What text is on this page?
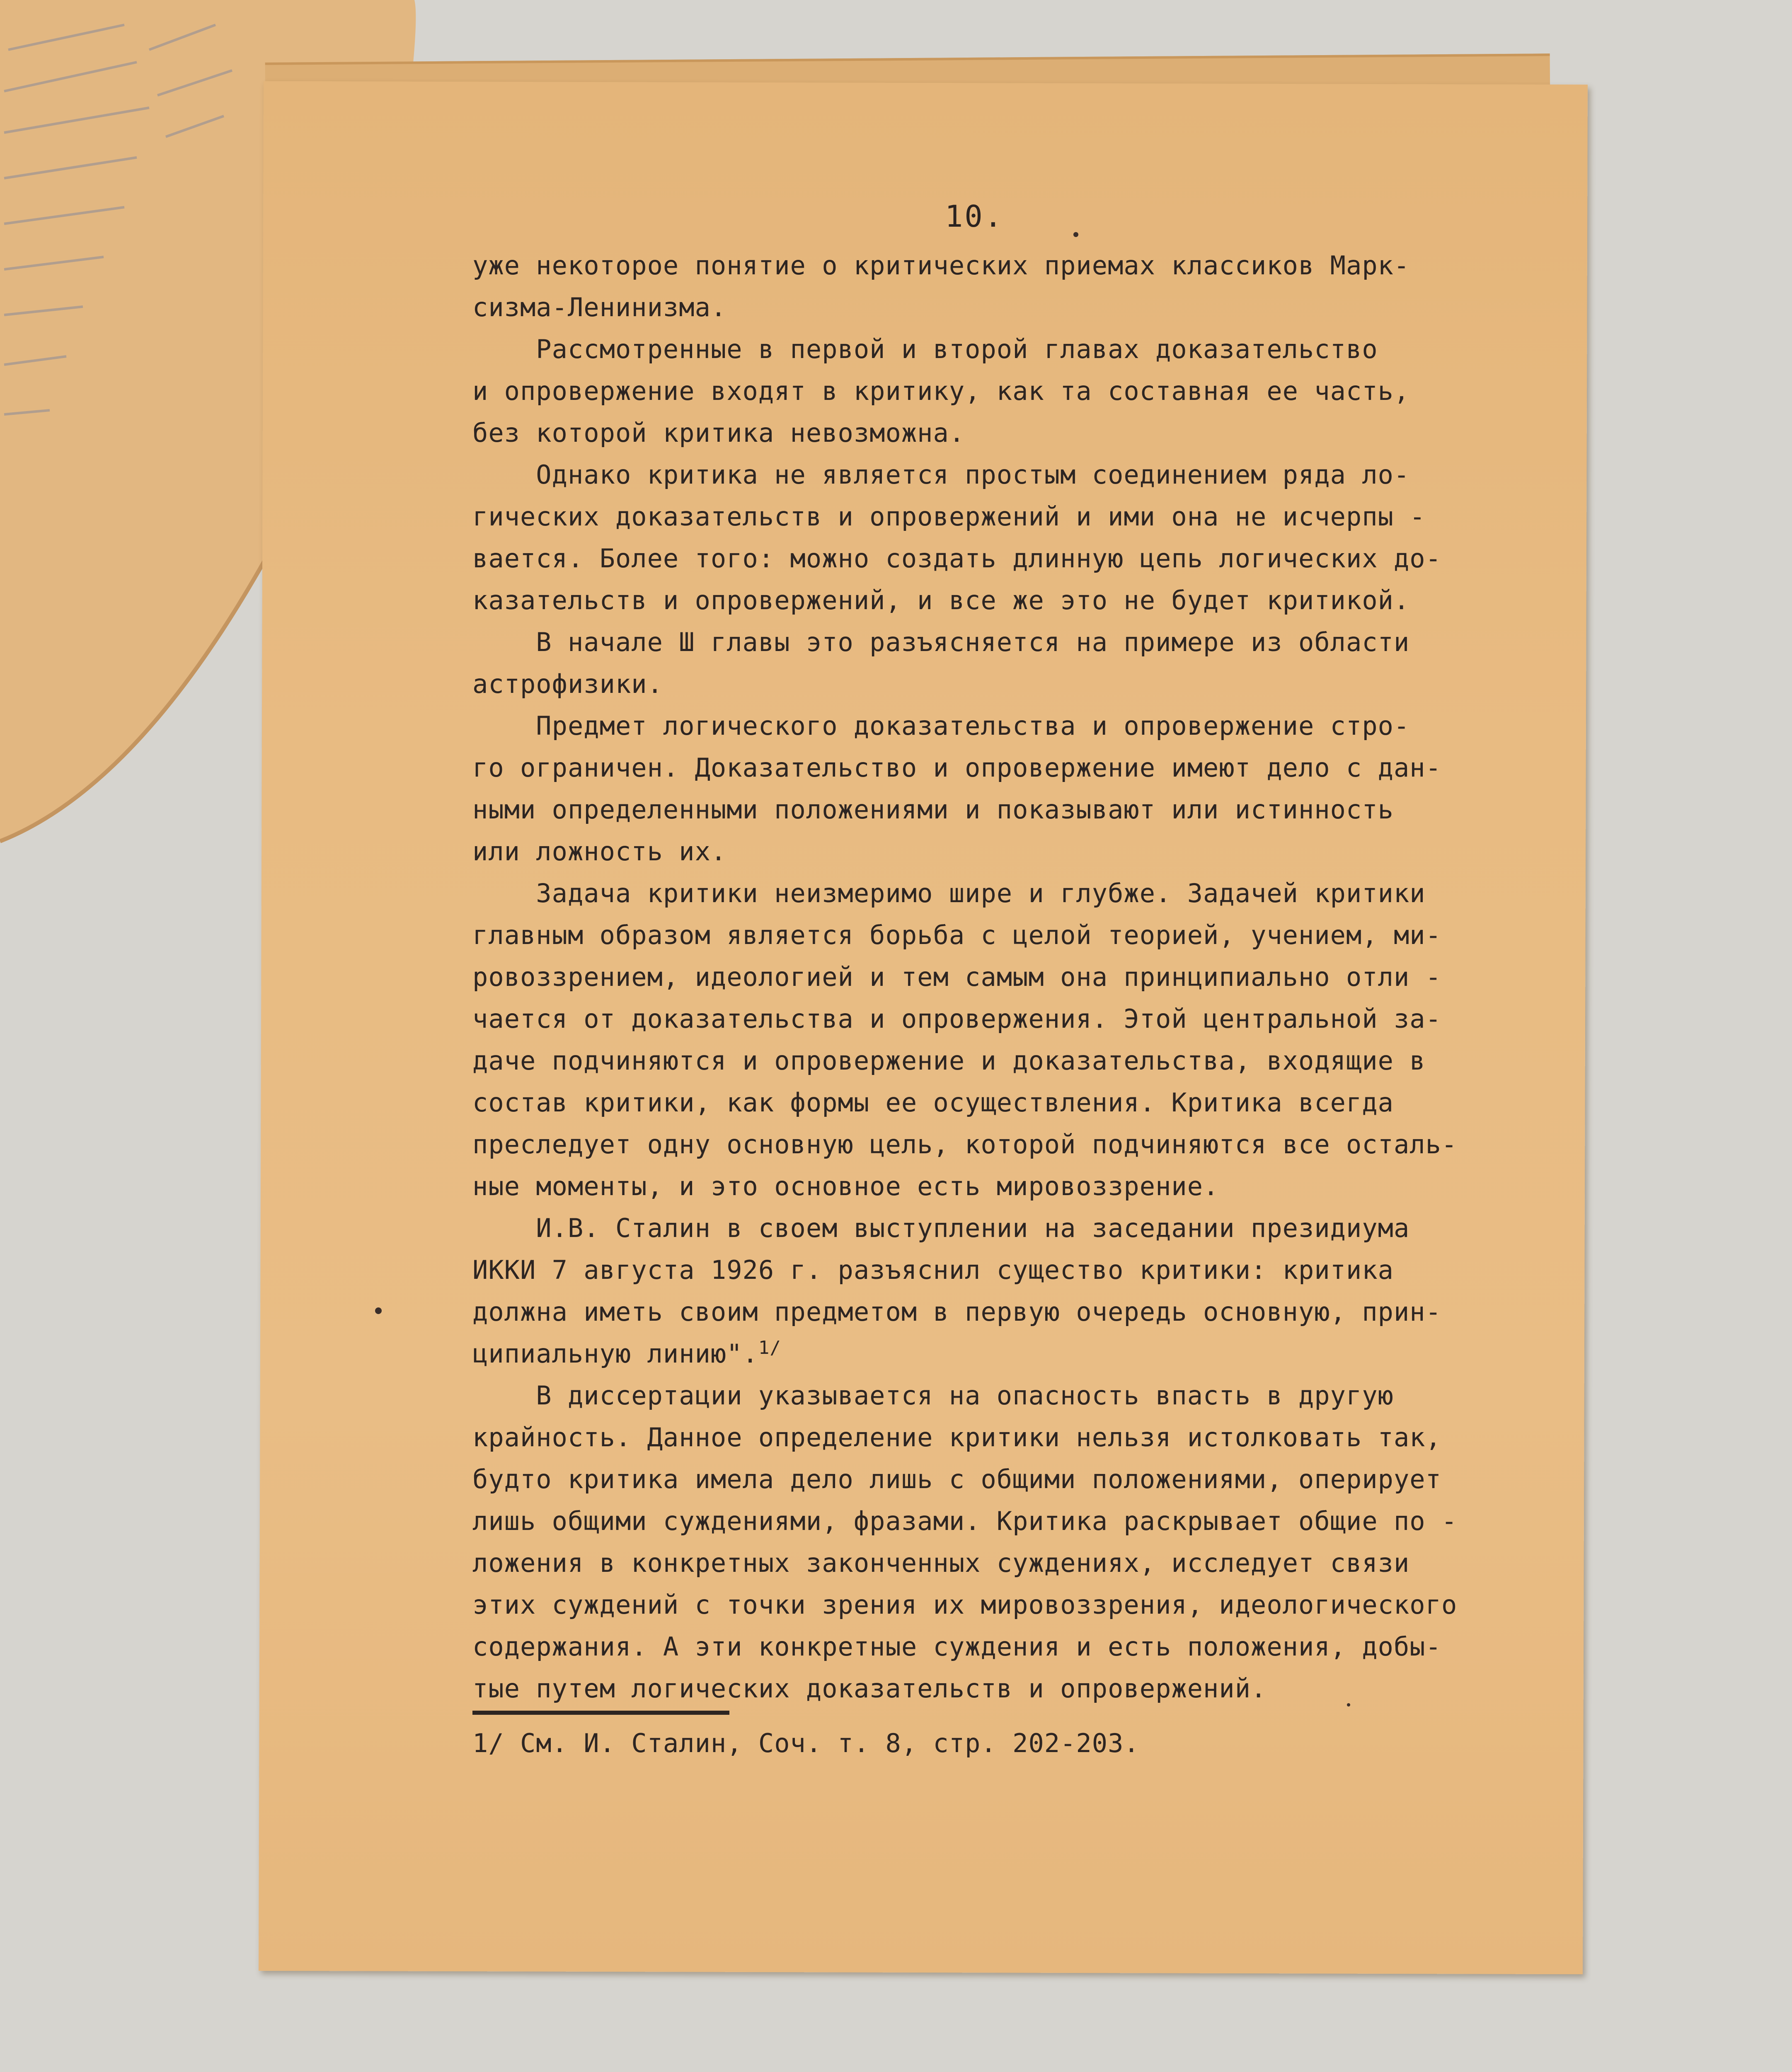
10.
уже некоторое понятие о критических приемах классиков Марк-
сизма-Ленинизма.
Рассмотренные в первой и второй главах доказательство
и опровержение входят в критику, как та составная ее часть,
без которой критика невозможна.
Однако критика не является простым соединением ряда ло-
гических доказательств и опровержений и ими она не исчерпы -
вается. Более того: можно создать длинную цепь логических до-
казательств и опровержений, и все же это не будет критикой.
В начале Ш главы это разъясняется на примере из области
астрофизики.
Предмет логического доказательства и опровержение стро-
го ограничен. Доказательство и опровержение имеют дело с дан-
ными определенными положениями и показывают или истинность
или ложность их.
Задача критики неизмеримо шире и глубже. Задачей критики
главным образом является борьба с целой теорией, учением, ми-
ровоззрением, идеологией и тем самым она принципиально отли -
чается от доказательства и опровержения. Этой центральной за-
даче подчиняются и опровержение и доказательства, входящие в
состав критики, как формы ее осуществления. Критика всегда
преследует одну основную цель, которой подчиняются все осталь-
ные моменты, и это основное есть мировоззрение.
И.В. Сталин в своем выступлении на заседании президиума
ИККИ 7 августа 1926 г. разъяснил существо критики: критика
должна иметь своим предметом в первую очередь основную, прин-
ципиальную линию".$^{1/}$
В диссертации указывается на опасность впасть в другую
крайность. Данное определение критики нельзя истолковать так,
будто критика имела дело лишь с общими положениями, оперирует
лишь общими суждениями, фразами. Критика раскрывает общие по -
ложения в конкретных законченных суждениях, исследует связи
этих суждений с точки зрения их мировоззрения, идеологического
содержания. А эти конкретные суждения и есть положения, добы-
тые путем логических доказательств и опровержений.
1/ См. И. Сталин, Соч. т. 8, стр. 202-203.
